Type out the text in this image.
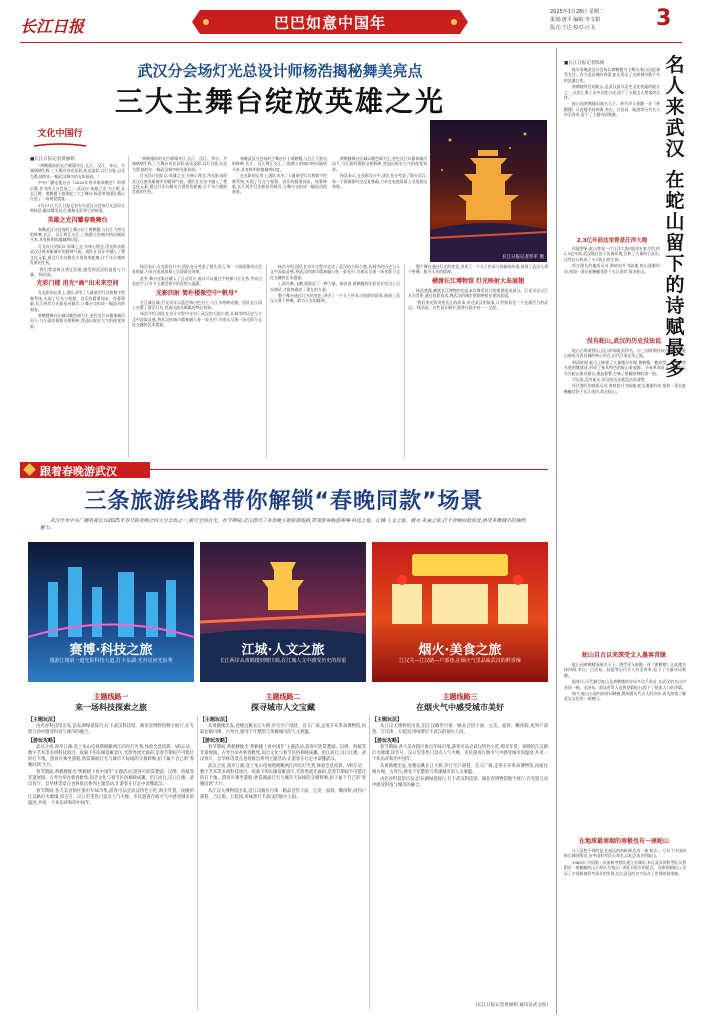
长江日报	巴巴如意中国年
2025年1月28日 星期二
策划:唐平 编辑:李文娟
版式:王达 校对:汪飞	3
武汉分会场灯光总设计师杨浩揭秘舞美亮点
三大主舞台绽放英雄之光
文化中国行
长江日报记者彭军 摄
■长江日报记者黄丽娟

“黄鹤楼前的光芒璀璨夺目,长江、汉江、琴台、月湖熠熠生辉,三大舞台奇光异彩,流光溢彩,以灯为笔,以光为墨,描绘出一幅武汉城市的光影画卷。”

中央广播电视总台《2025年春节联欢晚会》即将启幕,作为四大分会场之一,武汉以‘英雄之光’为主题,在长江畔、黄鹤楼下搭建起三大主舞台,杨浩带领团队精心打造了一场视觉盛宴。

1月27日,长江日报记者专访武汉分会场灯光总设计师杨浩,解读舞美亮点,揭秘光影背后的故事。

英雄之光闪耀春晚舞台

春晚武汉分会场的主舞台位于黄鹤楼,与长江大桥交相辉映,长江、汉江两江交汇,三镇鼎立的城市格局铺展开来,具有鲜明的地域辨识度。

灯光设计团队以‘英雄之光’为核心理念,用光影表现武汉这座英雄城市的精神气质。团队在设计中融入了楚文化元素,通过灯光勾勒出古建筑的轮廓,让千年古楼焕发新的生机。

‘我们希望观众透过屏幕,感受到武汉的温度与力量。’杨浩说。

光彩门楼 用光“画”出未来空间

在光影的运用上,团队采用了大量新型灯具和数字控制系统,实现了灯光与视频、音乐的精准同步。夜幕降临,长江两岸灯光如星河倾泻,与舞台交织成一幅流动的画卷。

黄鹤楼舞台区域以暖色调为主,金色光芒从楼体倾泻而下,与江面的倒影交相辉映,营造出恢宏大气的视觉效果。

“黄鹤楼前的光芒璀璨夺目,长江、汉江、琴台、月湖熠熠生辉,三大舞台奇光异彩,流光溢彩,以灯为笔,以光为墨,描绘出一幅武汉城市的光影画卷。”

灯光设计团队以‘英雄之光’为核心理念,用光影表现武汉这座英雄城市的精神气质。团队在设计中融入了楚文化元素,通过灯光勾勒出古建筑的轮廓,让千年古楼焕发新的生机。

春晚武汉分会场的主舞台位于黄鹤楼,与长江大桥交相辉映,长江、汉江两江交汇,三镇鼎立的城市格局铺展开来,具有鲜明的地域辨识度。

在光影的运用上,团队采用了大量新型灯具和数字控制系统,实现了灯光与视频、音乐的精准同步。夜幕降临,长江两岸灯光如星河倾泻,与舞台交织成一幅流动的画卷。

黄鹤楼舞台区域以暖色调为主,金色光芒从楼体倾泻而下,与江面的倒影交相辉映,营造出恢宏大气的视觉效果。

杨浩表示,在光影设计中,团队充分考虑了镜头语言,每一个画面都经过反复推敲,力求在电视屏幕上呈现最佳效果。

杨浩表示,在光影设计中,团队充分考虑了镜头语言,每一个画面都经过反复推敲,力求在电视屏幕上呈现最佳效果。

此外,舞台光影还融入了互动设计,观众可以通过手机参与灯光秀,共同点亮夜空,让更多人感受春节的喜悦与温暖。

光影四射 简朴楼像空中“帆母”

在江滩区域,灯光设计以蓝色和白色为主,与江水相映成趣。团队在江面上布置了漂浮灯具,营造出波光粼粼的梦幻效果。

杨浩介绍,团队在设计过程中走访了武汉的大街小巷,从城市的历史与人文中汲取灵感,将武汉的城市精神融入每一束光中,为观众呈现一场光影与文化交融的艺术盛宴。

杨浩介绍,团队在设计过程中走访了武汉的大街小巷,从城市的历史与人文中汲取灵感,将武汉的城市精神融入每一束光中,为观众呈现一场光影与文化交融的艺术盛宴。

上面升腾,飞腾,就象征了一种力量。杨浩说,黄鹤楼的光彩设计经过上百次调试,才最终确定了现在的方案。

整个舞台通过灯光的变化,讲述了一个关于传承与创新的故事,展现了武汉人勇于拼搏、敢为人先的精神。

整个舞台通过灯光的变化,讲述了一个关于传承与创新的故事,展现了武汉人勇于拼搏、敢为人先的精神。

横渡长江博物馆 灯光映射大岛展翅

杨浩透露,横渡长江博物馆也是本次舞美设计的重要组成部分。灯光设计以江水为背景,通过投影技术,将武汉的城市剪影映射在建筑表面。

‘我们用光影讲述长江的故事,讲述武汉的故事,让世界看见一个充满活力的武汉。’杨浩说。这些设计细节,都将在除夕夜一一呈现。

跟着春晚游武汉
三条旅游线路带你解锁“春晚同款”场景
武汉作为中央广播电视总台2025年春节联欢晚会四大分会场之一,吸引全国目光。春节期间,武汉推出三条春晚主题旅游线路,带领游客畅游赛博·科技之旅、江城·人文之旅、烟火·美食之旅,打卡春晚同款场景,感受英雄城市的独特魅力。
赛博·科技之旅
漫游江城第一道光影科技大道,打卡东湖·光谷星河光影秀
江城·人文之旅
长江两岸从黄鹤楼到晴川阁,在江城人文中感受历史的厚重
烟火·美食之旅
江汉关—江汉路—户部巷,在烟火气里品味武汉的鲜香辣
主题线路一
来一场科技探索之旅
主题线路二
探寻城市人文宝藏
主题线路三
在烟火气中感受城市美好
【主题玩法】

由光谷科技馆出发,沿东湖绿道骑行,打卡武汉科技馆、湖北省博物馆数字展厅,在光影互动中感受科技与城市的融合。

【游玩攻略】

武汉之夜,漫步江滩,登上龟山电视塔俯瞰两江四岸灯光秀,体验全息投影、VR互动、数字艺术等多项科技项目。夜幕下的东湖落雁景区,光影秀流光溢彩,是春节期间不可错过的打卡地。游客可乘坐游船,欣赏湖面灯光与城市天际线的交相辉映,拍下属于自己的‘春晚同款’大片。

春节期间,黄鹤楼推出‘黄鹤楼上看中国年’主题活动,游客可欣赏楚剧、汉绣、剪纸等非遗展演。古琴台举办新春雅集,知音文化与春节民俗相映成趣。沿江而行,汉口江滩、武汉客厅、昙华林等景点也将推出系列主题活动,让游客在行走中读懂武汉。

春节期间,各大美食街区推出年味市集,游客可品尝武汉特色小吃,购买年货。夜晚的江汉路灯火璀璨,知音号、汉口里等热门景点人气火爆。市民游客在烟火气中感受城市的温度,共度一个欢乐祥和的中国年。

【主题玩法】

从黄鹤楼出发,登楼远眺长江大桥,步行至户部巷、首义广场,走进辛亥革命博物馆,再前往晴川阁、古琴台,感受千年楚韵与英雄城市的人文底蕴。

【游玩攻略】

春节期间,黄鹤楼推出‘黄鹤楼上看中国年’主题活动,游客可欣赏楚剧、汉绣、剪纸等非遗展演。古琴台举办新春雅集,知音文化与春节民俗相映成趣。沿江而行,汉口江滩、武汉客厅、昙华林等景点也将推出系列主题活动,让游客在行走中读懂武汉。

武汉之夜,漫步江滩,登上龟山电视塔俯瞰两江四岸灯光秀,体验全息投影、VR互动、数字艺术等多项科技项目。夜幕下的东湖落雁景区,光影秀流光溢彩,是春节期间不可错过的打卡地。游客可乘坐游船,欣赏湖面灯光与城市天际线的交相辉映,拍下属于自己的‘春晚同款’大片。

从江汉关博物馆出发,沿江汉路步行街一路品尝热干面、豆皮、面窝、糊汤粉,再到户部巷、吉庆街、万松园,用味蕾打卡武汉的烟火人间。

【主题玩法】

从江汉关博物馆出发,沿江汉路步行街一路品尝热干面、豆皮、面窝、糊汤粉,再到户部巷、吉庆街、万松园,用味蕾打卡武汉的烟火人间。

【游玩攻略】

春节期间,各大美食街区推出年味市集,游客可品尝武汉特色小吃,购买年货。夜晚的江汉路灯火璀璨,知音号、汉口里等热门景点人气火爆。市民游客在烟火气中感受城市的温度,共度一个欢乐祥和的中国年。

从黄鹤楼出发,登楼远眺长江大桥,步行至户部巷、首义广场,走进辛亥革命博物馆,再前往晴川阁、古琴台,感受千年楚韵与英雄城市的人文底蕴。

由光谷科技馆出发,沿东湖绿道骑行,打卡武汉科技馆、湖北省博物馆数字展厅,在光影互动中感受科技与城市的融合。

(长江日报记者黄丽娟 通讯员武文锐)
名人来武汉
在蛇山留下的诗赋最多
■长江日报记者陈俊

蛇年春晚武汉分会场以黄鹤楼为主舞台,蛇山因此备受关注。作为武昌城的脊梁,蛇山见证了这座城市数千年的沧桑巨变。

黄鹤楼所在的蛇山,是武汉最具历史文化底蕴的地方之一,这里汇聚了众多名胜古迹,留下了无数文人墨客的足迹。

蛇山因黄鹤楼而闻名天下。唐代诗人崔颢一首《黄鹤楼》让此楼名扬四海,李白、白居易、陆游等历代名人纷至沓来,留下了大量诗词歌赋。

2.3亿年前这里曾是汪洋大海

你能想象,蛇山曾是一片汪洋大海?地质专家介绍,约2.3亿年前,武汉地区处于浅海环境,沉积了大量的石灰岩,这些岩石构成了今天蛇山的主体。

经过漫长的地质运动,海底抬升为陆地,蛇山逐渐形成,宛如一条长蛇蜿蜒伏卧于长江南岸,故名蛇山。

没有蛇山,武汉的历史没法说

蛇山古称黄鹄山,因山形如蛇而得名。自三国时期孙权在此筑城,蛇山便成为武昌城的核心所在,历代兵家必争之地。

明清时期,蛇山上修建了大量楼台亭阁,黄鹤楼、抱冰堂、岳飞亭等名胜相继建成,形成了独具特色的蛇山景观群。辛亥革命首义之夜,起义军在蛇山架设炮台,炮轰督署,打响了推翻帝制的第一枪。

可以说,没有蛇山,武汉的历史就没法说清楚。

经过漫长的地质运动,海底抬升为陆地,蛇山逐渐形成,宛如一条长蛇蜿蜒伏卧于长江南岸,故名蛇山。

蛇山自古以来深受文人墨客青睐

蛇山因黄鹤楼而闻名天下。唐代诗人崔颢一首《黄鹤楼》让此楼名扬四海,李白、白居易、陆游等历代名人纷至沓来,留下了大量诗词歌赋。

据统计,历代描写蛇山及黄鹤楼的诗词多达千余首,在武汉的名山中首屈一指。毛泽东、郭沫若等人也曾登临蛇山,留下了脍炙人口的诗篇。

如今,蛇山公园内的诗词碑廊,镌刻着历代名人的诗作,成为游客了解武汉文化的一扇窗口。

在地球最南端的南极也有一座蛇山

让人意想不到的是,在遥远的南极洲,也有一座‘蛇山’。它位于中国南极长城站附近,由中国科考队员命名,以纪念家乡的蛇山。

1985年,中国第一次南极考察队建立长城站,来自武汉的科考队员将附近一座蜿蜒的山丘命名为‘蛇山’,寄托对故乡的思念。这座南极蛇山,见证了中国极地科考事业的发展,也让武汉的名字留在了世界的最南端。
